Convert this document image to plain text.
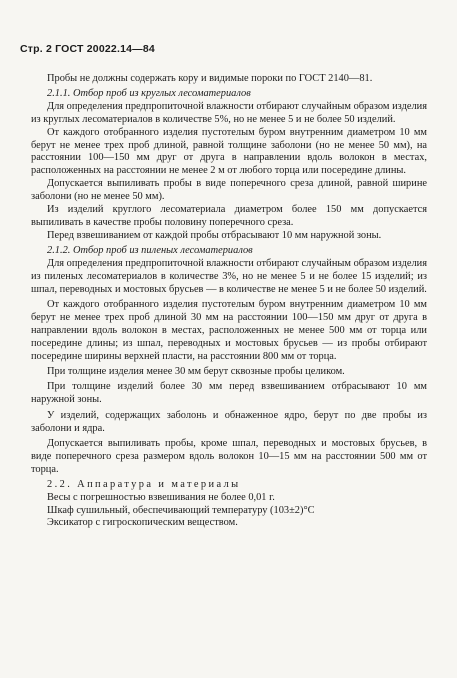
Стр. 2 ГОСТ 20022.14—84

Пробы не должны содержать кору и видимые пороки по ГОСТ 2140—81.

2.1.1. Отбор проб из круглых лесоматериалов

Для определения предпропиточной влажности отбирают случайным образом изделия из круглых лесоматериалов в количестве 5%, но не менее 5 и не более 50 изделий.

От каждого отобранного изделия пустотелым буром внутренним диаметром 10 мм берут не менее трех проб длиной, равной толщине заболони (но не менее 50 мм), на расстоянии 100—150 мм друг от друга в направлении вдоль волокон в местах, расположенных на расстоянии не менее 2 м от любого торца или посередине длины.

Допускается выпиливать пробы в виде поперечного среза длиной, равной ширине заболони (но не менее 50 мм).

Из изделий круглого лесоматериала диаметром более 150 мм допускается выпиливать в качестве пробы половину поперечного среза.

Перед взвешиванием от каждой пробы отбрасывают 10 мм наружной зоны.

2.1.2. Отбор проб из пиленых лесоматериалов

Для определения предпропиточной влажности отбирают случайным образом изделия из пиленых лесоматериалов в количестве 3%, но не менее 5 и не более 15 изделий; из шпал, переводных и мостовых брусьев — в количестве не менее 5 и не более 50 изделий.

От каждого отобранного изделия пустотелым буром внутренним диаметром 10 мм берут не менее трех проб длиной 30 мм на расстоянии 100—150 мм друг от друга в направлении вдоль волокон в местах, расположенных не менее 500 мм от торца или посередине длины; из шпал, переводных и мостовых брусьев — из пробы отбирают посередине ширины верхней пласти, на расстоянии 800 мм от торца.

При толщине изделия менее 30 мм берут сквозные пробы целиком.

При толщине изделий более 30 мм перед взвешиванием отбрасывают 10 мм наружной зоны.

У изделий, содержащих заболонь и обнаженное ядро, берут по две пробы из заболони и ядра.

Допускается выпиливать пробы, кроме шпал, переводных и мостовых брусьев, в виде поперечного среза размером вдоль волокон 10—15 мм на расстоянии 500 мм от торца.

2.2. Аппаратура и материалы

Весы с погрешностью взвешивания не более 0,01 г.

Шкаф сушильный, обеспечивающий температуру (103±2)°С

Эксикатор с гигроскопическим веществом.
